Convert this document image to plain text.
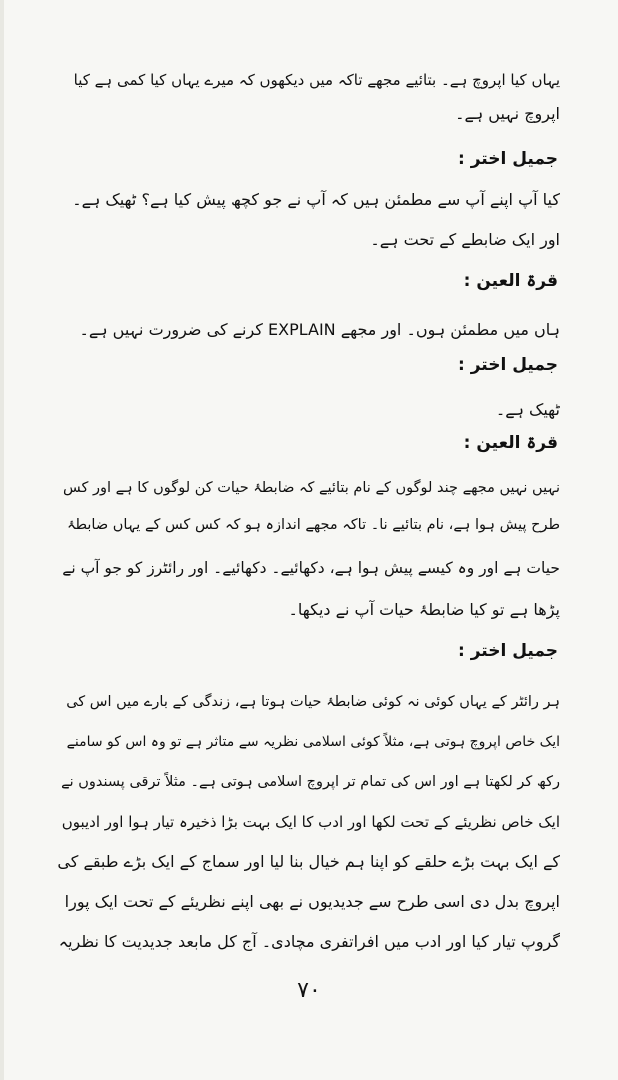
یہاں کیا اپروچ ہے۔ بتائیے مجھے تاکہ میں دیکھوں کہ میرے یہاں کیا کمی ہے کیا
اپروچ نہیں ہے۔
جمیل اختر :
کیا آپ اپنے آپ سے مطمئن ہیں کہ آپ نے جو کچھ پیش کیا ہے؟ ٹھیک ہے۔
اور ایک ضابطے کے تحت ہے۔
قرۃ العین :
ہاں میں مطمئن ہوں۔ اور مجھے EXPLAIN کرنے کی ضرورت نہیں ہے۔
جمیل اختر :
ٹھیک ہے۔
قرۃ العین :
نہیں نہیں مجھے چند لوگوں کے نام بتائیے کہ ضابطۂ حیات کن لوگوں کا ہے اور کس
طرح پیش ہوا ہے، نام بتائیے نا۔ تاکہ مجھے اندازہ ہو کہ کس کس کے یہاں ضابطۂ
حیات ہے اور وہ کیسے پیش ہوا ہے، دکھائیے۔ دکھائیے۔ اور رائٹرز کو جو آپ نے
پڑھا ہے تو کیا ضابطۂ حیات آپ نے دیکھا۔
جمیل اختر :
ہر رائٹر کے یہاں کوئی نہ کوئی ضابطۂ حیات ہوتا ہے، زندگی کے بارے میں اس کی
ایک خاص اپروچ ہوتی ہے، مثلاً کوئی اسلامی نظریہ سے متاثر ہے تو وہ اس کو سامنے
رکھ کر لکھتا ہے اور اس کی تمام تر اپروچ اسلامی ہوتی ہے۔ مثلاً ترقی پسندوں نے
ایک خاص نظریئے کے تحت لکھا اور ادب کا ایک بہت بڑا ذخیرہ تیار ہوا اور ادیبوں
کے ایک بہت بڑے حلقے کو اپنا ہم خیال بنا لیا اور سماج کے ایک بڑے طبقے کی
اپروچ بدل دی اسی طرح سے جدیدیوں نے بھی اپنے نظریئے کے تحت ایک پورا
گروپ تیار کیا اور ادب میں افراتفری مچادی۔ آج کل مابعد جدیدیت کا نظریہ
۷۰
